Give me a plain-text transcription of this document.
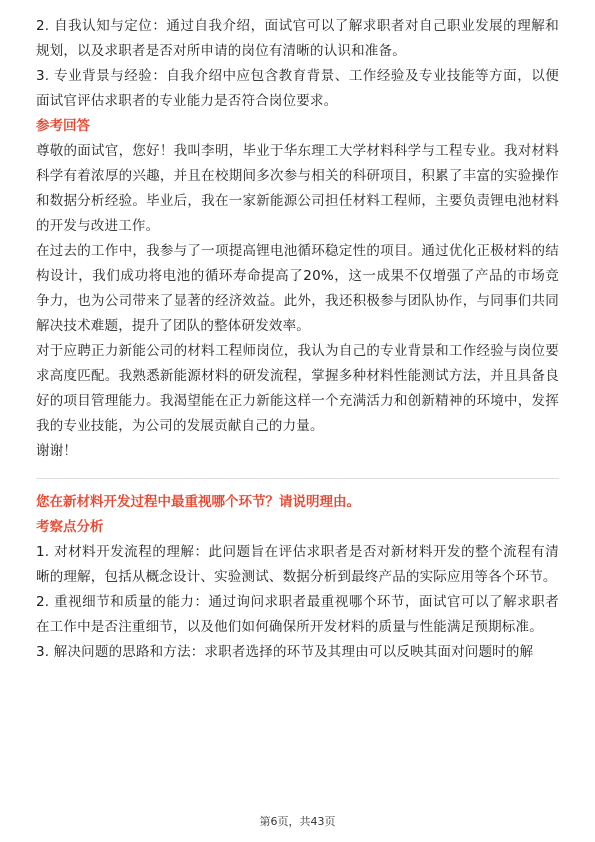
2. 自我认知与定位：通过自我介绍，面试官可以了解求职者对自己职业发展的理解和规划，以及求职者是否对所申请的岗位有清晰的认识和准备。

3. 专业背景与经验：自我介绍中应包含教育背景、工作经验及专业技能等方面，以便面试官评估求职者的专业能力是否符合岗位要求。

参考回答

尊敬的面试官，您好！我叫李明，毕业于华东理工大学材料科学与工程专业。我对材料科学有着浓厚的兴趣，并且在校期间多次参与相关的科研项目，积累了丰富的实验操作和数据分析经验。毕业后，我在一家新能源公司担任材料工程师，主要负责锂电池材料的开发与改进工作。

在过去的工作中，我参与了一项提高锂电池循环稳定性的项目。通过优化正极材料的结构设计，我们成功将电池的循环寿命提高了20%，这一成果不仅增强了产品的市场竞争力，也为公司带来了显著的经济效益。此外，我还积极参与团队协作，与同事们共同解决技术难题，提升了团队的整体研发效率。

对于应聘正力新能公司的材料工程师岗位，我认为自己的专业背景和工作经验与岗位要求高度匹配。我熟悉新能源材料的研发流程，掌握多种材料性能测试方法，并且具备良好的项目管理能力。我渴望能在正力新能这样一个充满活力和创新精神的环境中，发挥我的专业技能，为公司的发展贡献自己的力量。

谢谢！

您在新材料开发过程中最重视哪个环节？请说明理由。

考察点分析

1. 对材料开发流程的理解：此问题旨在评估求职者是否对新材料开发的整个流程有清晰的理解，包括从概念设计、实验测试、数据分析到最终产品的实际应用等各个环节。

2. 重视细节和质量的能力：通过询问求职者最重视哪个环节，面试官可以了解求职者在工作中是否注重细节，以及他们如何确保所开发材料的质量与性能满足预期标准。

3. 解决问题的思路和方法：求职者选择的环节及其理由可以反映其面对问题时的解

第6页，共43页
